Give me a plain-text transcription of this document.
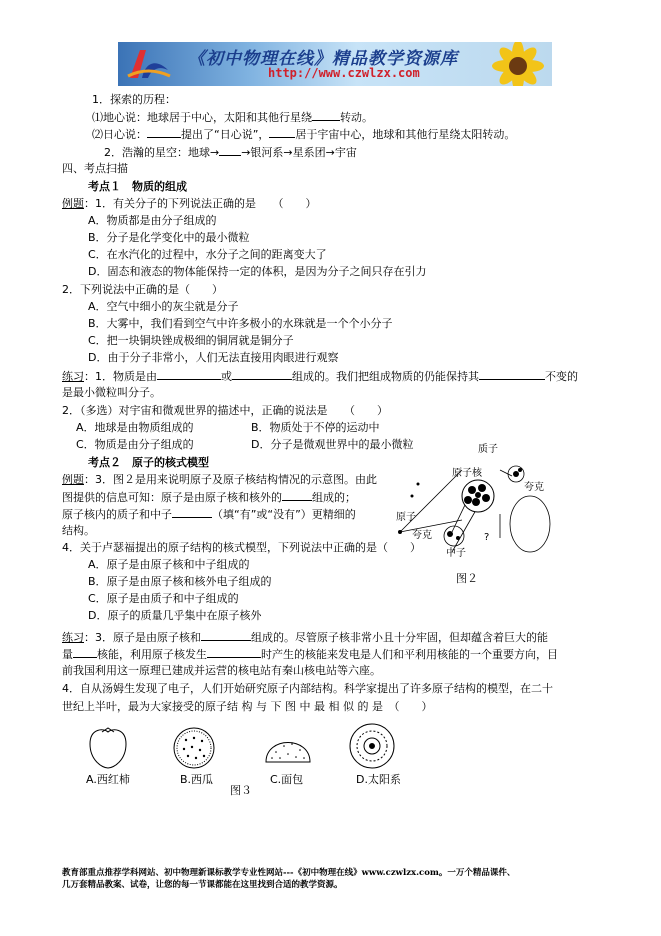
《初中物理在线》精品教学资源库
http://www.czwlzx.com
1．探索的历程：
⑴地心说：地球居于中心，太阳和其他行星绕	转动。
⑵日心说：	提出了“日心说”， 居于宇宙中心，地球和其他行星绕太阳转动。
2．浩瀚的星空：地球→ →银河系→星系团→宇宙
四、考点扫描
考点１　物质的组成
例题：1．有关分子的下列说法正确的是　　（　　）
A．物质都是由分子组成的
B．分子是化学变化中的最小微粒
C．在水汽化的过程中，水分子之间的距离变大了
D．固态和液态的物体能保持一定的体积，是因为分子之间只存在引力
2．下列说法中正确的是（　　）
A．空气中细小的灰尘就是分子
B．大雾中，我们看到空气中许多极小的水珠就是一个个小分子
C．把一块铜块锉成极细的铜屑就是铜分子
D．由于分子非常小，人们无法直接用肉眼进行观察
练习：1．物质是由	或	组成的。我们把组成物质的仍能保持其	不变的
是最小微粒叫分子。
2．（多选）对宇宙和微观世界的描述中，正确的说法是　　（　　）
A．地球是由物质组成的	B．物质处于不停的运动中
C．物质是由分子组成的	D．分子是微观世界中的最小微粒
考点２　原子的核式模型
例题：3．图２是用来说明原子及原子核结构情况的示意图。由此
图提供的信息可知：原子是由原子核和核外的	组成的；
原子核内的质子和中子	（填“有”或“没有”）更精细的
结构。
4．关于卢瑟福提出的原子结构的核式模型，下列说法中正确的是（　　）
A．原子是由原子核和中子组成的
B．原子是由原子核和核外电子组成的
C．原子是由质子和中子组成的
D．原子的质量几乎集中在原子核外
质子
原子核
夸克
原子
夸克
中子
?
图２
练习：3．原子是由原子核和	组成的。尽管原子核非常小且十分牢固，但却蕴含着巨大的能
量 核能，利用原子核发生	时产生的核能来发电是人们和平利用核能的一个重要方向，目
前我国利用这一原理已建成并运营的核电站有秦山核电站等六座。
4．自从汤姆生发现了电子，人们开始研究原子内部结构。科学家提出了许多原子结构的模型，在二十
世纪上半叶，最为大家接受的原子结 构 与 下 图 中 最 相 似 的 是　（　　）
A.西红柿	B.西瓜	C.面包	D.太阳系
图３
教育部重点推荐学科网站、初中物理新课标教学专业性网站---《初中物理在线》www.czwlzx.com。一万个精品课件、
几万套精品教案、试卷，让您的每一节课都能在这里找到合适的教学资源。
